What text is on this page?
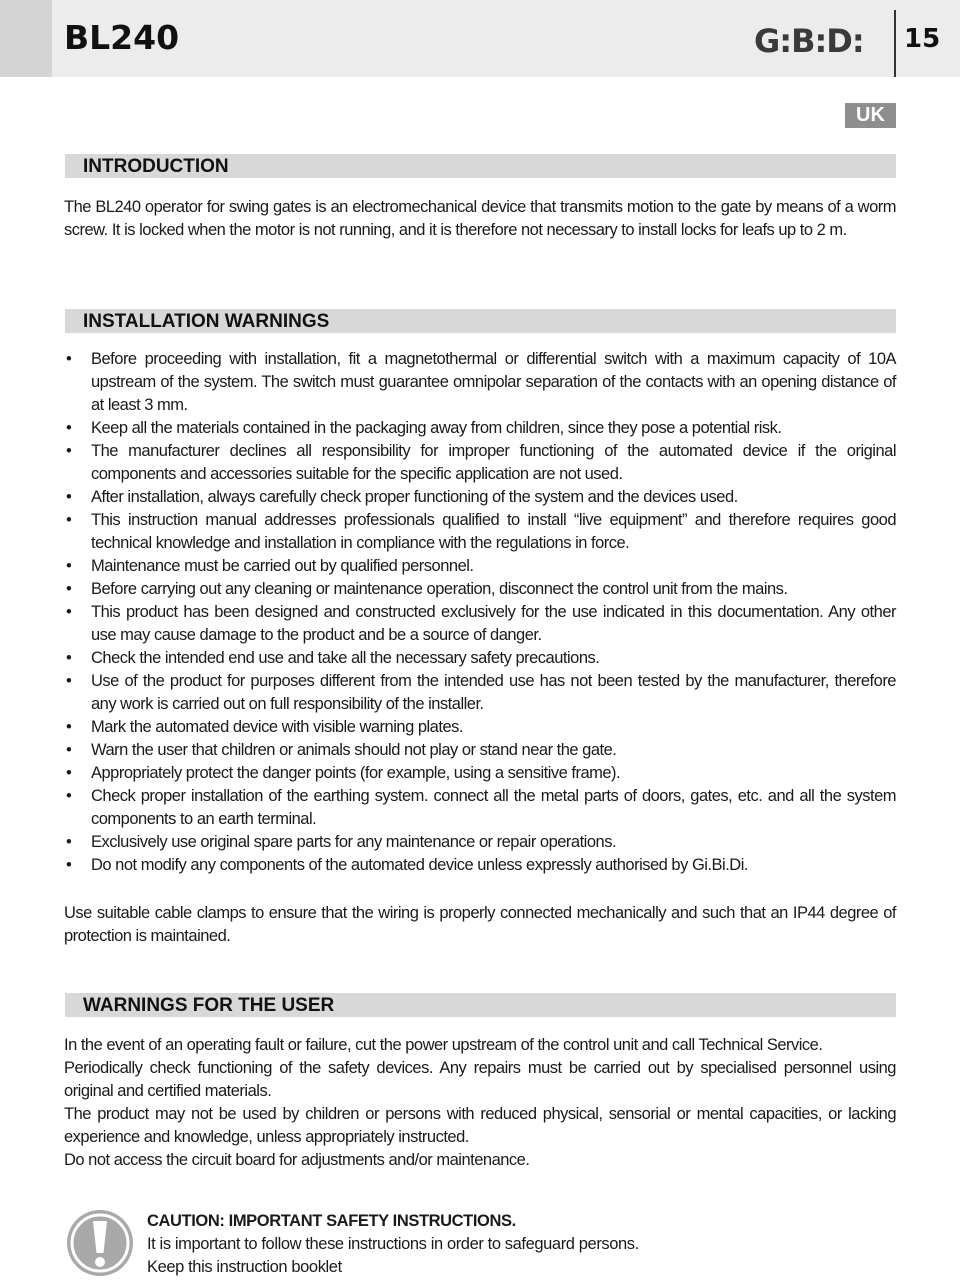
BL240	G:B:D: 15
UK
INTRODUCTION
The BL240 operator for swing gates is an electromechanical device that transmits motion to the gate by means of a worm screw. It is locked when the motor is not running, and it is therefore not necessary to install locks for leafs up to 2 m.
INSTALLATION WARNINGS
• Before proceeding with installation, fit a magnetothermal or differential switch with a maximum capacity of 10A upstream of the system. The switch must guarantee omnipolar separation of the contacts with an opening distance of at least 3 mm.
• Keep all the materials contained in the packaging away from children, since they pose a potential risk.
• The manufacturer declines all responsibility for improper functioning of the automated device if the original components and accessories suitable for the specific application are not used.
• After installation, always carefully check proper functioning of the system and the devices used.
• This instruction manual addresses professionals qualified to install “live equipment” and therefore requires good technical knowledge and installation in compliance with the regulations in force.
• Maintenance must be carried out by qualified personnel.
• Before carrying out any cleaning or maintenance operation, disconnect the control unit from the mains.
• This product has been designed and constructed exclusively for the use indicated in this documentation. Any other use may cause damage to the product and be a source of danger.
• Check the intended end use and take all the necessary safety precautions.
• Use of the product for purposes different from the intended use has not been tested by the manufacturer, therefore any work is carried out on full responsibility of the installer.
• Mark the automated device with visible warning plates.
• Warn the user that children or animals should not play or stand near the gate.
• Appropriately protect the danger points (for example, using a sensitive frame).
• Check proper installation of the earthing system. connect all the metal parts of doors, gates, etc. and all the system components to an earth terminal.
• Exclusively use original spare parts for any maintenance or repair operations.
• Do not modify any components of the automated device unless expressly authorised by Gi.Bi.Di.
Use suitable cable clamps to ensure that the wiring is properly connected mechanically and such that an IP44 degree of protection is maintained.
WARNINGS FOR THE USER
In the event of an operating fault or failure, cut the power upstream of the control unit and call Technical Service.
Periodically check functioning of the safety devices. Any repairs must be carried out by specialised personnel using original and certified materials.
The product may not be used by children or persons with reduced physical, sensorial or mental capacities, or lacking experience and knowledge, unless appropriately instructed.
Do not access the circuit board for adjustments and/or maintenance.
CAUTION: IMPORTANT SAFETY INSTRUCTIONS.
It is important to follow these instructions in order to safeguard persons.
Keep this instruction booklet
